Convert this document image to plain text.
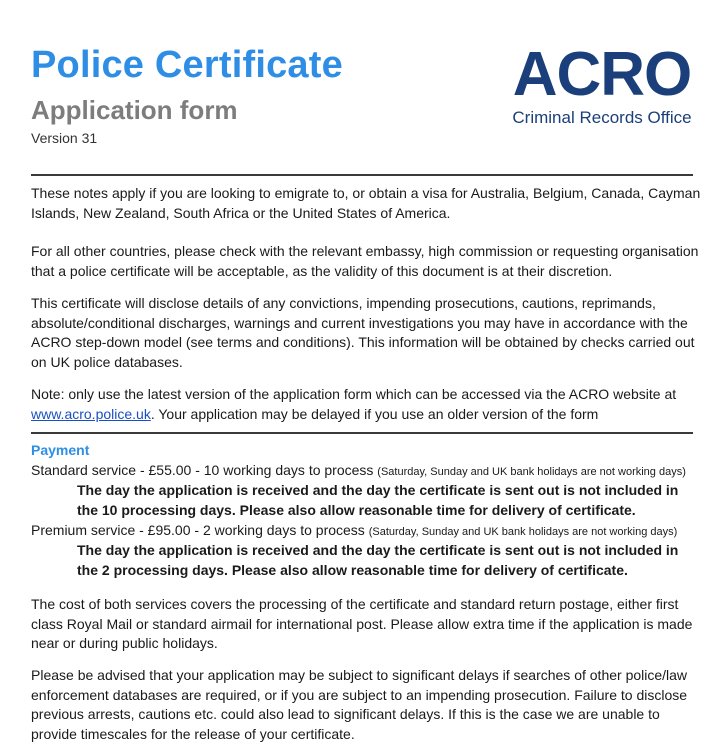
Police Certificate
Application form
Version 31
ACRO
Criminal Records Office

These notes apply if you are looking to emigrate to, or obtain a visa for Australia, Belgium, Canada, Cayman Islands, New Zealand, South Africa or the United States of America.

For all other countries, please check with the relevant embassy, high commission or requesting organisation that a police certificate will be acceptable, as the validity of this document is at their discretion.

This certificate will disclose details of any convictions, impending prosecutions, cautions, reprimands, absolute/conditional discharges, warnings and current investigations you may have in accordance with the ACRO step-down model (see terms and conditions). This information will be obtained by checks carried out on UK police databases.

Note: only use the latest version of the application form which can be accessed via the ACRO website at www.acro.police.uk. Your application may be delayed if you use an older version of the form

Payment

Standard service - £55.00 - 10 working days to process (Saturday, Sunday and UK bank holidays are not working days)

The day the application is received and the day the certificate is sent out is not included in the 10 processing days. Please also allow reasonable time for delivery of certificate.

Premium service - £95.00 - 2 working days to process (Saturday, Sunday and UK bank holidays are not working days)

The day the application is received and the day the certificate is sent out is not included in the 2 processing days. Please also allow reasonable time for delivery of certificate.

The cost of both services covers the processing of the certificate and standard return postage, either first class Royal Mail or standard airmail for international post. Please allow extra time if the application is made near or during public holidays.

Please be advised that your application may be subject to significant delays if searches of other police/law enforcement databases are required, or if you are subject to an impending prosecution. Failure to disclose previous arrests, cautions etc. could also lead to significant delays. If this is the case we are unable to provide timescales for the release of your certificate.
